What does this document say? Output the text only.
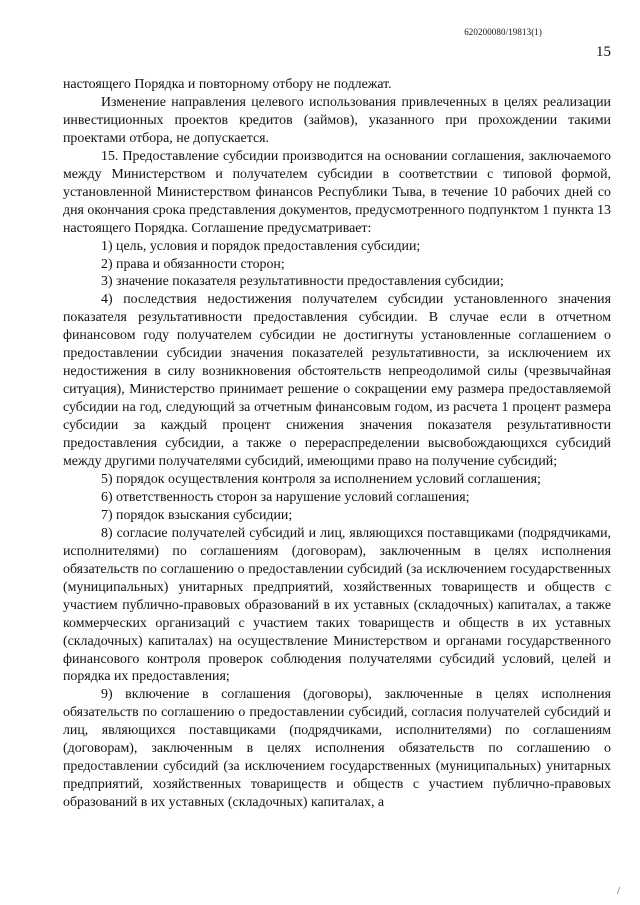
620200080/19813(1)
15

настоящего Порядка и повторному отбору не подлежат.

Изменение направления целевого использования привлеченных в целях реализации инвестиционных проектов кредитов (займов), указанного при прохождении такими проектами отбора, не допускается.

15. Предоставление субсидии производится на основании соглашения, заключаемого между Министерством и получателем субсидии в соответствии с типовой формой, установленной Министерством финансов Республики Тыва, в течение 10 рабочих дней со дня окончания срока представления документов, предусмотренного подпунктом 1 пункта 13 настоящего Порядка. Соглашение предусматривает:

1) цель, условия и порядок предоставления субсидии;

2) права и обязанности сторон;

3) значение показателя результативности предоставления субсидии;

4) последствия недостижения получателем субсидии установленного значения показателя результативности предоставления субсидии. В случае если в отчетном финансовом году получателем субсидии не достигнуты установленные соглашением о предоставлении субсидии значения показателей результативности, за исключением их недостижения в силу возникновения обстоятельств непреодолимой силы (чрезвычайная ситуация), Министерство принимает решение о сокращении ему размера предоставляемой субсидии на год, следующий за отчетным финансовым годом, из расчета 1 процент размера субсидии за каждый процент снижения значения показателя результативности предоставления субсидии, а также о перераспределении высвобождающихся субсидий между другими получателями субсидий, имеющими право на получение субсидий;

5) порядок осуществления контроля за исполнением условий соглашения;

6) ответственность сторон за нарушение условий соглашения;

7) порядок взыскания субсидии;

8) согласие получателей субсидий и лиц, являющихся поставщиками (подрядчиками, исполнителями) по соглашениям (договорам), заключенным в целях исполнения обязательств по соглашению о предоставлении субсидий (за исключением государственных (муниципальных) унитарных предприятий, хозяйственных товариществ и обществ с участием публично-правовых образований в их уставных (складочных) капиталах, а также коммерческих организаций с участием таких товариществ и обществ в их уставных (складочных) капиталах) на осуществление Министерством и органами государственного финансового контроля проверок соблюдения получателями субсидий условий, целей и порядка их предоставления;

9) включение в соглашения (договоры), заключенные в целях исполнения обязательств по соглашению о предоставлении субсидий, согласия получателей субсидий и лиц, являющихся поставщиками (подрядчиками, исполнителями) по соглашениям (договорам), заключенным в целях исполнения обязательств по соглашению о предоставлении субсидий (за исключением государственных (муниципальных) унитарных предприятий, хозяйственных товариществ и обществ с участием публично-правовых образований в их уставных (складочных) капиталах, а

/
